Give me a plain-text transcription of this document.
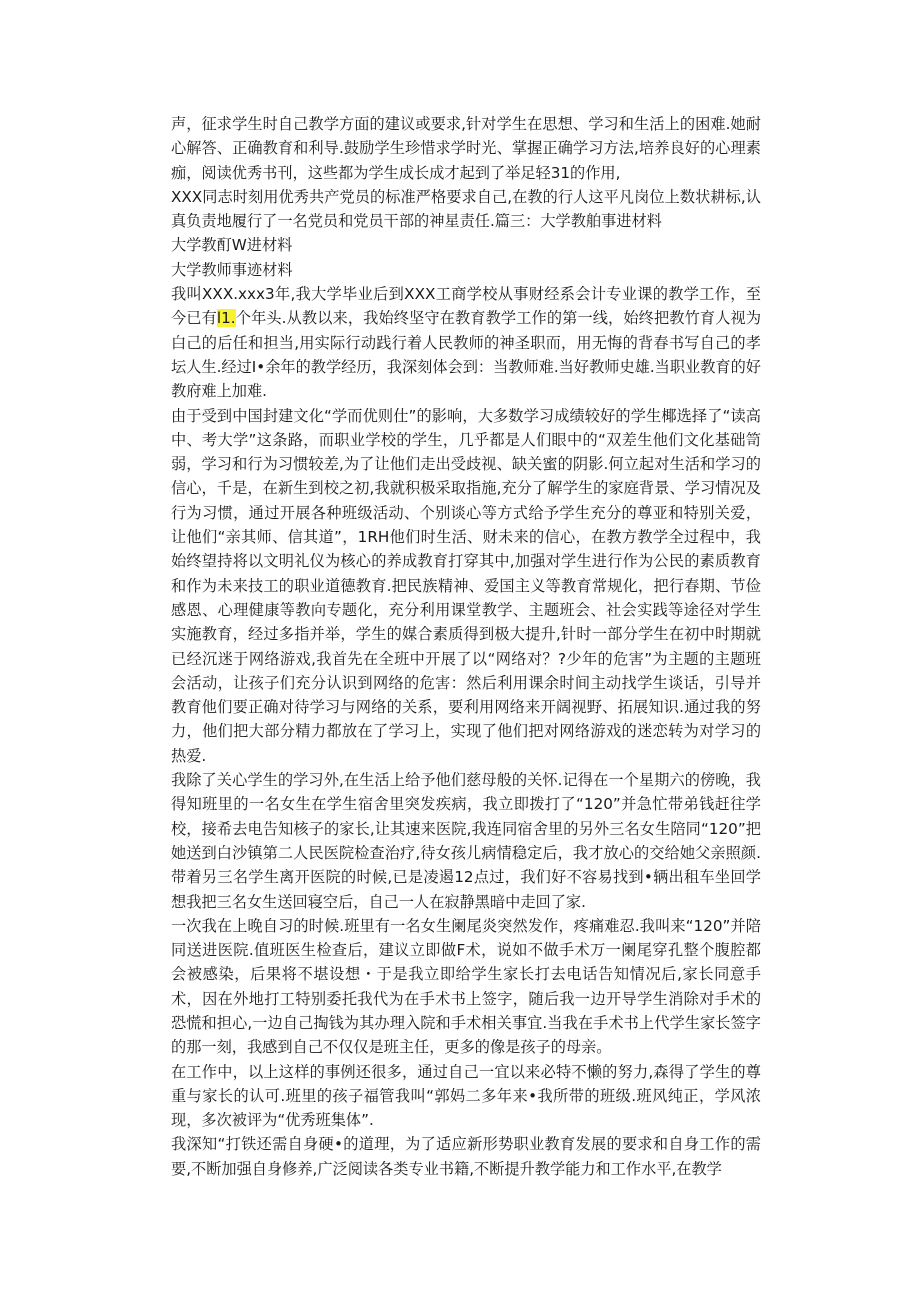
声，征求学生时自己教学方面的建议或要求,针对学生在思想、学习和生活上的困难.她耐心解答、正确教育和利导.鼓励学生珍惜求学时光、掌握正确学习方法,培养良好的心理素痂，阅读优秀书刊，这些都为学生成长成才起到了举足轻31的作用,

XXX同志时刻用优秀共产党员的标准严格要求自己,在教的行人这平凡岗位上数状耕标,认真负责地履行了一名党员和党员干部的神星责任.篇三：大学教舶事进材料

大学教酊W进材料

大学教师事迹材料

我叫XXX.xxx3年,我大学毕业后到XXX工商学校从事财经系会计专业课的教学工作，至今已有l1.个年头.从教以来，我始终坚守在教育教学工作的第一线，始终把教竹育人视为白己的后任和担当,用实际行动践行着人民教师的神圣职而，用无悔的背春书写自己的孝坛人生.经过I•余年的教学经历，我深刻体会到：当教师难.当好教师史雄.当职业教育的好教府难上加难.

由于受到中国封建文化“学而优则仕”的影响，大多数学习成绩较好的学生椰选择了“读高中、考大学”这条路，而职业学校的学生，几乎都是人们眼中的“双差生他们文化基础笥弱，学习和行为习惯较差,为了让他们走出受歧视、缺关蜜的阴影.何立起对生活和学习的信心，千是，在新生到校之初,我就积极采取指施,充分了解学生的家庭背景、学习情况及行为习惯，通过开展各种班级活动、个别谈心等方式给予学生充分的尊亚和特别关爱，让他们“亲其师、信其道”，1RH他们时生活、财未来的信心，在教方教学全过程中，我始终望持将以文明礼仪为核心的养成教育打穿其中,加强对学生进行作为公民的素质教育和作为未来技工的职业道德教育.把民族精神、爱国主义等教育常规化，把行春期、节俭感恩、心理健康等教向专题化，充分利用课堂教学、主题班会、社会实践等途径对学生实施教育，经过多指并举，学生的媒合素质得到极大提升,针时一部分学生在初中时期就已经沉迷于网络游戏,我首先在全班中开展了以“网络对？?少年的危害”为主题的主题班会活动，让孩子们充分认识到网络的危害：然后利用课余时间主动找学生谈话，引导并教育他们要正确对待学习与网络的关系，要利用网络来开阔视野、拓展知识.通过我的努力，他们把大部分精力都放在了学习上，实现了他们把对网络游戏的迷恋转为对学习的热爱.

我除了关心学生的学习外,在生活上给予他们慈母般的关怀.记得在一个星期六的傍晚，我得知班里的一名女生在学生宿舍里突发疾病，我立即拨打了“120”并急忙带弟钱赶往学校，接希去电告知核子的家长,让其速来医院,我连同宿舍里的另外三名女生陪同“120”把她送到白沙镇第二人民医院检查治疗,待女孩儿病情稳定后，我才放心的交给她父亲照颜.带着另三名学生离开医院的时候,已是凌遏12点过，我们好不容易找到•辆出租车坐回学想我把三名女生送回寝空后，自己一人在寂静黑暗中走回了家.

一次我在上晚自习的时候.班里有一名女生阑尾炎突然发作，疼痛难忍.我叫来“120”并陪同送进医院.值班医生检查后，建议立即做F术，说如不做手术万一阑尾穿孔整个腹腔都会被感染，后果将不堪设想・于是我立即给学生家长打去电话告知情况后,家长同意手术，因在外地打工特别委托我代为在手术书上签字，随后我一边开导学生消除对手术的恐慌和担心,一边自己掏钱为其办理入院和手术相关事宜.当我在手术书上代学生家长签字的那一刻，我感到自己不仅仅是班主任，更多的像是孩子的母亲。

在工作中，以上这样的事例还很多，通过自己一宜以来必特不懒的努力,森得了学生的尊重与家长的认可.班里的孩子福管我叫“郭妈二多年来•我所带的班级.班风纯正，学风浓现，多次被评为“优秀班集体”.

我深知“打铁还需自身硬•的道理，为了适应新形势职业教育发展的要求和自身工作的需要,不断加强自身修养,广泛阅读各类专业书籍,不断提升教学能力和工作水平,在教学
